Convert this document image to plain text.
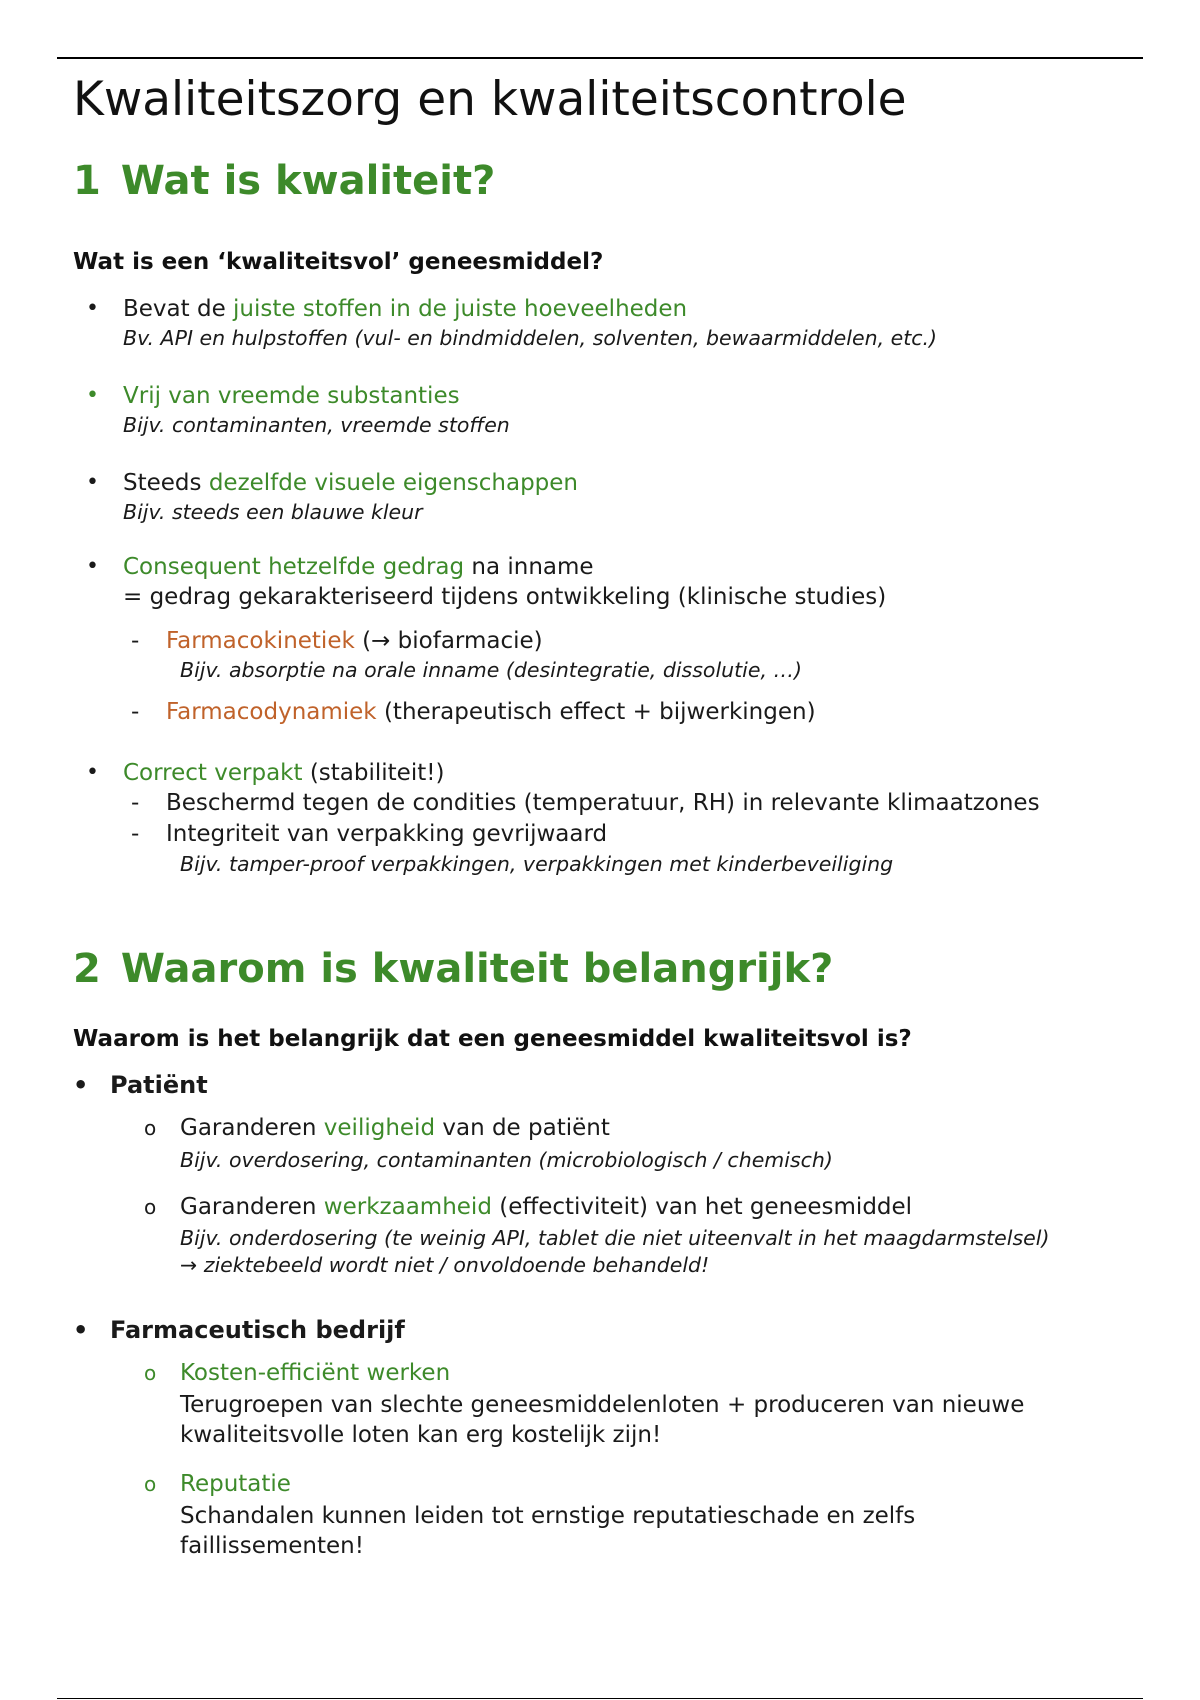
Kwaliteitszorg en kwaliteitscontrole
1 Wat is kwaliteit?

Wat is een ‘kwaliteitsvol’ geneesmiddel?

• Bevat de juiste stoffen in de juiste hoeveelheden
Bv. API en hulpstoffen (vul- en bindmiddelen, solventen, bewaarmiddelen, etc.)
• Vrij van vreemde substanties
Bijv. contaminanten, vreemde stoffen
• Steeds dezelfde visuele eigenschappen
Bijv. steeds een blauwe kleur
• Consequent hetzelfde gedrag na inname
= gedrag gekarakteriseerd tijdens ontwikkeling (klinische studies)
- Farmacokinetiek (→ biofarmacie)
Bijv. absorptie na orale inname (desintegratie, dissolutie, …)
- Farmacodynamiek (therapeutisch effect + bijwerkingen)
• Correct verpakt (stabiliteit!)
- Beschermd tegen de condities (temperatuur, RH) in relevante klimaatzones
- Integriteit van verpakking gevrijwaard
Bijv. tamper-proof verpakkingen, verpakkingen met kinderbeveiliging
2 Waarom is kwaliteit belangrijk?

Waarom is het belangrijk dat een geneesmiddel kwaliteitsvol is?

• Patiënt
o Garanderen veiligheid van de patiënt
Bijv. overdosering, contaminanten (microbiologisch / chemisch)
o Garanderen werkzaamheid (effectiviteit) van het geneesmiddel
Bijv. onderdosering (te weinig API, tablet die niet uiteenvalt in het maagdarmstelsel)
→ ziektebeeld wordt niet / onvoldoende behandeld!
• Farmaceutisch bedrijf
o Kosten-efficiënt werken
Terugroepen van slechte geneesmiddelenloten + produceren van nieuwe
kwaliteitsvolle loten kan erg kostelijk zijn!
o Reputatie
Schandalen kunnen leiden tot ernstige reputatieschade en zelfs
faillissementen!
